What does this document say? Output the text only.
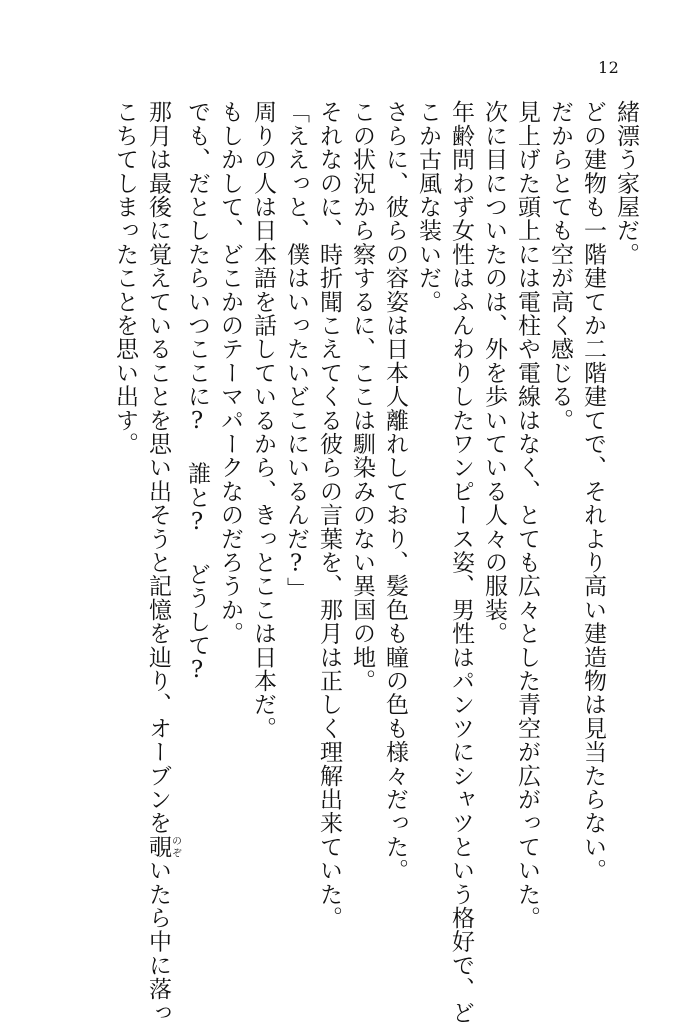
12
緒漂う家屋だ。
どの建物も一階建てか二階建てで、それより高い建造物は見当たらない。
だからとても空が高く感じる。
見上げた頭上には電柱や電線はなく、とても広々とした青空が広がっていた。
次に目についたのは、外を歩いている人々の服装。
年齢問わず女性はふんわりしたワンピース姿、男性はパンツにシャツという格好で、ど
こか古風な装いだ。
さらに、彼らの容姿は日本人離れしており、髪色も瞳の色も様々だった。
この状況から察するに、ここは馴染みのない異国の地。
それなのに、時折聞こえてくる彼らの言葉を、那月は正しく理解出来ていた。
「ええっと、僕はいったいどこにいるんだ?」
周りの人は日本語を話しているから、きっとここは日本だ。
もしかして、どこかのテーマパークなのだろうか。
でも、だとしたらいつここに? 誰と? どうして?
那月は最後に覚えていることを思い出そうと記憶を辿り、オーブンを覗のぞいたら中に落っ
こちてしまったことを思い出す。
